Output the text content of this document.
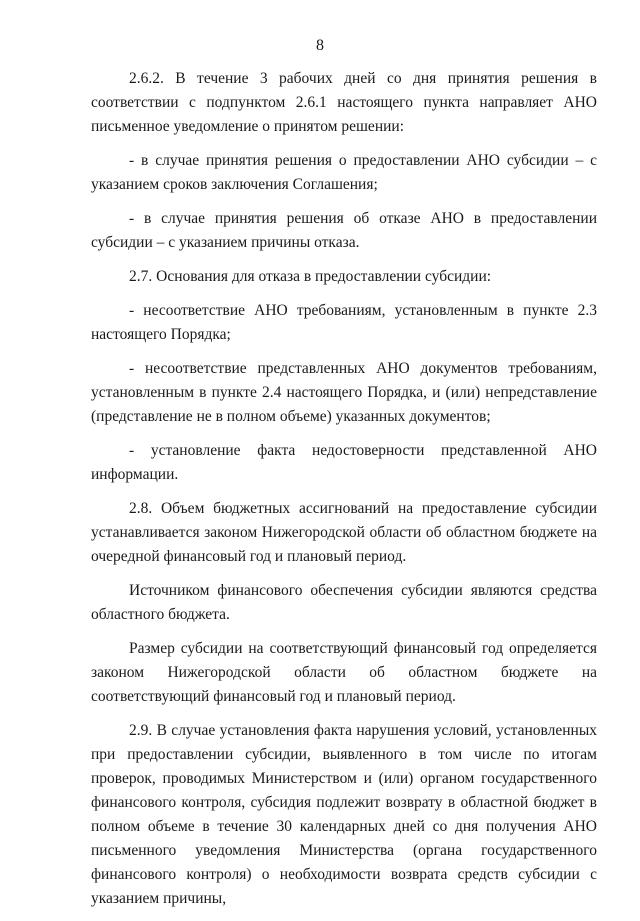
8

2.6.2. В течение 3 рабочих дней со дня принятия решения в соответствии с подпунктом 2.6.1 настоящего пункта направляет АНО письменное уведомление о принятом решении:

- в случае принятия решения о предоставлении АНО субсидии – с указанием сроков заключения Соглашения;

- в случае принятия решения об отказе АНО в предоставлении субсидии – с указанием причины отказа.

2.7. Основания для отказа в предоставлении субсидии:

- несоответствие АНО требованиям, установленным в пункте 2.3 настоящего Порядка;

- несоответствие представленных АНО документов требованиям, установленным в пункте 2.4 настоящего Порядка, и (или) непредставление (представление не в полном объеме) указанных документов;

- установление факта недостоверности представленной АНО информации.

2.8. Объем бюджетных ассигнований на предоставление субсидии устанавливается законом Нижегородской области об областном бюджете на очередной финансовый год и плановый период.

Источником финансового обеспечения субсидии являются средства областного бюджета.

Размер субсидии на соответствующий финансовый год определяется законом Нижегородской области об областном бюджете на соответствующий финансовый год и плановый период.

2.9. В случае установления факта нарушения условий, установленных при предоставлении субсидии, выявленного в том числе по итогам проверок, проводимых Министерством и (или) органом государственного финансового контроля, субсидия подлежит возврату в областной бюджет в полном объеме в течение 30 календарных дней со дня получения АНО письменного уведомления Министерства (органа государственного финансового контроля) о необходимости возврата средств субсидии с указанием причины,
